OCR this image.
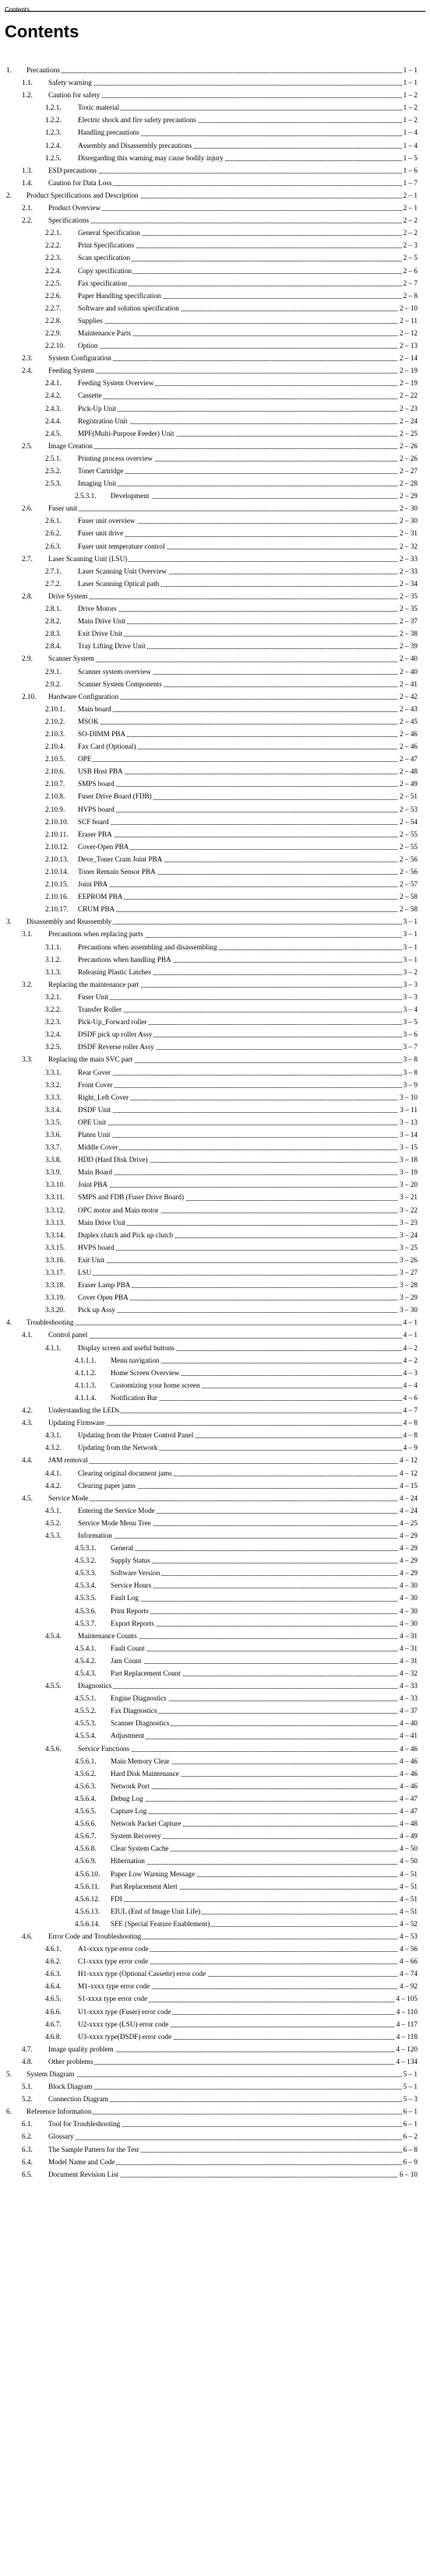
Contents
Contents
1. Precautions	1 – 1
1.1. Safety warning	1 – 1
1.2. Caution for safety	1 – 2
1.2.1. Toxic material	1 – 2
1.2.2. Electric shock and fire safety precautions	1 – 2
1.2.3. Handling precautions	1 – 4
1.2.4. Assembly and Disassembly precautions	1 – 4
1.2.5. Disregarding this warning may cause bodily injury	1 – 5
1.3. ESD precautions	1 – 6
1.4. Caution for Data Loss	1 – 7
2. Product Specifications and Description	2 – 1
2.1. Product Overview	2 – 1
2.2. Specifications	2 – 2
2.2.1. General Specification	2 – 2
2.2.2. Print Specifications	2 – 3
2.2.3. Scan specification	2 – 5
2.2.4. Copy specification	2 – 6
2.2.5. Fax specification	2 – 7
2.2.6. Paper Handling specification	2 – 8
2.2.7. Software and solution specification	2 – 10
2.2.8. Supplies	2 – 11
2.2.9. Maintenance Parts	2 – 12
2.2.10. Option	2 – 13
2.3. System Configuration	2 – 14
2.4. Feeding System	2 – 19
2.4.1. Feeding System Overview	2 – 19
2.4.2. Cassette	2 – 22
2.4.3. Pick-Up Unit	2 – 23
2.4.4. Registration Unit	2 – 24
2.4.5. MPF(Multi-Purpose Feeder) Unit	2 – 25
2.5. Image Creation	2 – 26
2.5.1. Printing process overview	2 – 26
2.5.2. Toner Cartridge	2 – 27
2.5.3. Imaging Unit	2 – 28
2.5.3.1. Development	2 – 29
2.6. Fuser unit	2 – 30
2.6.1. Fuser unit overview	2 – 30
2.6.2. Fuser unit drive	2 – 31
2.6.3. Fuser unit temperature control	2 – 32
2.7. Laser Scanning Unit (LSU)	2 – 33
2.7.1. Laser Scanning Unit Overview	2 – 33
2.7.2. Laser Scanning Optical path	2 – 34
2.8. Drive System	2 – 35
2.8.1. Drive Motors	2 – 35
2.8.2. Main Drive Unit	2 – 37
2.8.3. Exit Drive Unit	2 – 38
2.8.4. Tray Lifting Drive Unit	2 – 39
2.9. Scanner System	2 – 40
2.9.1. Scanner system overview	2 – 40
2.9.2. Scanner System Components	2 – 41
2.10. Hardware Configuration	2 – 42
2.10.1. Main board	2 – 43
2.10.2. MSOK	2 – 45
2.10.3. SO-DIMM PBA	2 – 46
2.10.4. Fax Card (Optional)	2 – 46
2.10.5. OPE	2 – 47
2.10.6. USB Host PBA	2 – 48
2.10.7. SMPS board	2 – 49
2.10.8. Fuser Drive Board (FDB)	2 – 51
2.10.9. HVPS board	2 – 53
2.10.10. SCF board	2 – 54
2.10.11. Eraser PBA	2 – 55
2.10.12. Cover-Open PBA	2 – 55
2.10.13. Deve_Toner Cram Joint PBA	2 – 56
2.10.14. Toner Remain Sensor PBA	2 – 56
2.10.15. Joint PBA	2 – 57
2.10.16. EEPROM PBA	2 – 58
2.10.17. CRUM PBA	2 – 58
3. Disassembly and Reassembly	3 – 1
3.1. Precautions when replacing parts	3 – 1
3.1.1. Precautions when assembling and disassembling	3 – 1
3.1.2. Precautions when handling PBA	3 – 1
3.1.3. Releasing Plastic Latches	3 – 2
3.2. Replacing the maintenance part	3 – 3
3.2.1. Fuser Unit	3 – 3
3.2.2. Transfer Roller	3 – 4
3.2.3. Pick-Up_Forward roller	3 – 5
3.2.4. DSDF pick up roller Assy	3 – 6
3.2.5. DSDF Reverse roller Assy	3 – 7
3.3. Replacing the main SVC part	3 – 8
3.3.1. Rear Cover	3 – 8
3.3.2. Front Cover	3 – 9
3.3.3. Right_Left Cover	3 – 10
3.3.4. DSDF Unit	3 – 11
3.3.5. OPE Unit	3 – 13
3.3.6. Platen Unit	3 – 14
3.3.7. Middle Cover	3 – 15
3.3.8. HDD (Hard Disk Drive)	3 – 18
3.3.9. Main Board	3 – 19
3.3.10. Joint PBA	3 – 20
3.3.11. SMPS and FDB (Fuser Drive Board)	3 – 21
3.3.12. OPC motor and Main motor	3 – 22
3.3.13. Main Drive Unit	3 – 23
3.3.14. Duplex clutch and Pick up clutch	3 – 24
3.3.15. HVPS board	3 – 25
3.3.16. Exit Unit	3 – 26
3.3.17. LSU	3 – 27
3.3.18. Eraser Lamp PBA	3 – 28
3.3.19. Cover Open PBA	3 – 29
3.3.20. Pick up Assy	3 – 30
4. Troubleshooting	4 – 1
4.1. Control panel	4 – 1
4.1.1. Display screen and useful buttons	4 – 2
4.1.1.1. Menu navigation	4 – 2
4.1.1.2. Home Screen Overview	4 – 3
4.1.1.3. Customizing your home screen	4 – 4
4.1.1.4. Notification Bar	4 – 6
4.2. Understanding the LEDs	4 – 7
4.3. Updating Firmware	4 – 8
4.3.1. Updating from the Printer Control Panel	4 – 8
4.3.2. Updating from the Network	4 – 9
4.4. JAM removal	4 – 12
4.4.1. Clearing original document jams	4 – 12
4.4.2. Clearing paper jams	4 – 15
4.5. Service Mode	4 – 24
4.5.1. Entering the Service Mode	4 – 24
4.5.2. Service Mode Menu Tree	4 – 25
4.5.3. Information	4 – 29
4.5.3.1. General	4 – 29
4.5.3.2. Supply Status	4 – 29
4.5.3.3. Software Version	4 – 29
4.5.3.4. Service Hours	4 – 30
4.5.3.5. Fault Log	4 – 30
4.5.3.6. Print Reports	4 – 30
4.5.3.7. Export Reports	4 – 30
4.5.4. Maintenance Counts	4 – 31
4.5.4.1. Fault Count	4 – 31
4.5.4.2. Jam Count	4 – 31
4.5.4.3. Part Replacement Count	4 – 32
4.5.5. Diagnostics	4 – 33
4.5.5.1. Engine Diagnostics	4 – 33
4.5.5.2. Fax Diagnostics	4 – 37
4.5.5.3. Scanner Diagnostics	4 – 40
4.5.5.4. Adjustment	4 – 41
4.5.6. Service Functions	4 – 46
4.5.6.1. Main Memory Clear	4 – 46
4.5.6.2. Hard Disk Maintenance	4 – 46
4.5.6.3. Network Port	4 – 46
4.5.6.4. Debug Log	4 – 47
4.5.6.5. Capture Log	4 – 47
4.5.6.6. Network Packet Capture	4 – 48
4.5.6.7. System Recovery	4 – 49
4.5.6.8. Clear System Cache	4 – 50
4.5.6.9. Hibernation	4 – 50
4.5.6.10. Paper Low Warning Message	4 – 51
4.5.6.11. Part Replacement Alert	4 – 51
4.5.6.12. FDI	4 – 51
4.5.6.13. EIUL (End of Image Unit Life)	4 – 51
4.5.6.14. SFE (Special Feature Enablement)	4 – 52
4.6. Error Code and Troubleshooting	4 – 53
4.6.1. A1-xxxx type error code	4 – 56
4.6.2. C1-xxxx type error code	4 – 66
4.6.3. H1-xxxx type (Optional Cassette) error code	4 – 74
4.6.4. M1-xxxx type error code	4 – 92
4.6.5. S1-xxxx type error code	4 – 105
4.6.6. U1-xxxx type (Fuser) error code	4 – 110
4.6.7. U2-xxxx type (LSU) error code	4 – 117
4.6.8. U3-xxxx type(DSDF) error code	4 – 118
4.7. Image quality problem	4 – 120
4.8. Other problems	4 – 134
5. System Diagram	5 – 1
5.1. Block Diagram	5 – 1
5.2. Connection Diagram	5 – 3
6. Reference Information	6 – 1
6.1. Tool for Troubleshooting	6 – 1
6.2. Glossary	6 – 2
6.3. The Sample Pattern for the Test	6 – 8
6.4. Model Name and Code	6 – 9
6.5. Document Revision List	6 – 10
